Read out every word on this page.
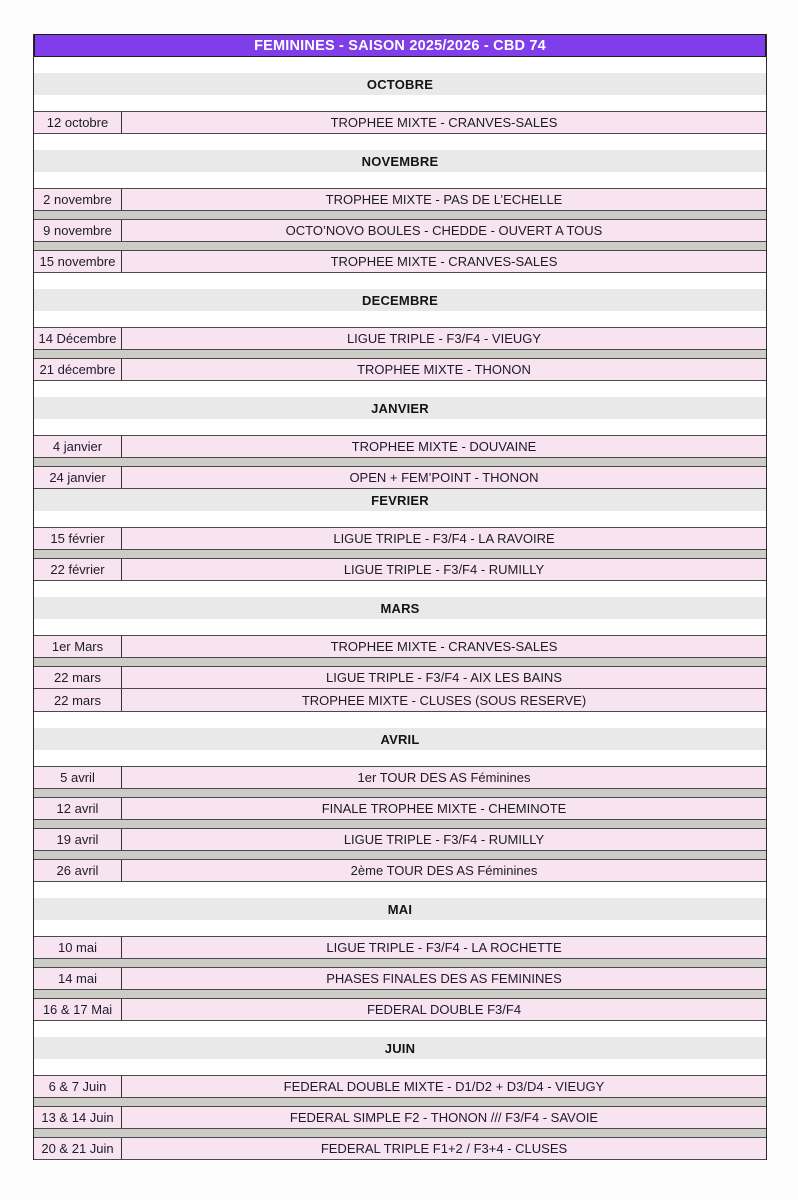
FEMININES - SAISON 2025/2026 - CBD 74
OCTOBRE
12 octobre	TROPHEE MIXTE - CRANVES-SALES
NOVEMBRE
2 novembre	TROPHEE MIXTE - PAS DE L’ECHELLE
9 novembre	OCTO’NOVO BOULES - CHEDDE - OUVERT A TOUS
15 novembre	TROPHEE MIXTE - CRANVES-SALES
DECEMBRE
14 Décembre	LIGUE TRIPLE - F3/F4 - VIEUGY
21 décembre	TROPHEE MIXTE - THONON
JANVIER
4 janvier	TROPHEE MIXTE - DOUVAINE
24 janvier	OPEN + FEM’POINT - THONON
FEVRIER
15 février	LIGUE TRIPLE - F3/F4 - LA RAVOIRE
22 février	LIGUE TRIPLE - F3/F4 - RUMILLY
MARS
1er Mars	TROPHEE MIXTE - CRANVES-SALES
22 mars	LIGUE TRIPLE - F3/F4 - AIX LES BAINS
22 mars	TROPHEE MIXTE - CLUSES (SOUS RESERVE)
AVRIL
5 avril	1er TOUR DES AS Féminines
12 avril	FINALE TROPHEE MIXTE - CHEMINOTE
19 avril	LIGUE TRIPLE - F3/F4 - RUMILLY
26 avril	2ème TOUR DES AS Féminines
MAI
10 mai	LIGUE TRIPLE - F3/F4 - LA ROCHETTE
14 mai	PHASES FINALES DES AS FEMININES
16 & 17 Mai	FEDERAL DOUBLE F3/F4
JUIN
6 & 7 Juin	FEDERAL DOUBLE MIXTE - D1/D2 + D3/D4 - VIEUGY
13 & 14 Juin	FEDERAL SIMPLE F2 - THONON /// F3/F4 - SAVOIE
20 & 21 Juin	FEDERAL TRIPLE F1+2 / F3+4 - CLUSES
